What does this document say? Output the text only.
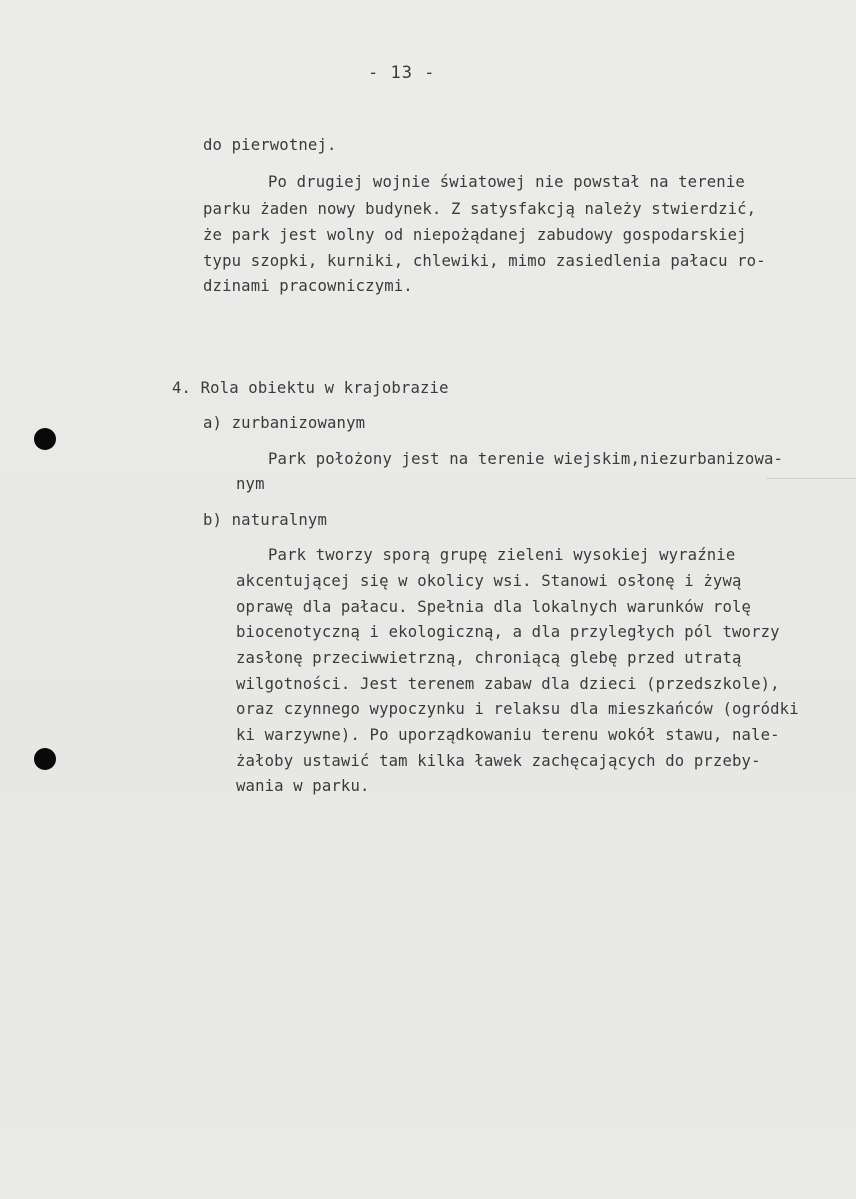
- 13 -
do pierwotnej.
Po drugiej wojnie światowej nie powstał na terenie
parku żaden nowy budynek. Z satysfakcją należy stwierdzić,
że park jest wolny od niepożądanej zabudowy gospodarskiej
typu szopki, kurniki, chlewiki, mimo zasiedlenia pałacu ro-
dzinami pracowniczymi.
4. Rola obiektu w krajobrazie
a) zurbanizowanym
Park położony jest na terenie wiejskim,niezurbanizowa-
nym
b) naturalnym
Park tworzy sporą grupę zieleni wysokiej wyraźnie
akcentującej się w okolicy wsi. Stanowi osłonę i żywą
oprawę dla pałacu. Spełnia dla lokalnych warunków rolę
biocenotyczną i ekologiczną, a dla przyległych pól tworzy
zasłonę przeciwwietrzną, chroniącą glebę przed utratą
wilgotności. Jest terenem zabaw dla dzieci (przedszkole),
oraz czynnego wypoczynku i relaksu dla mieszkańców (ogródki
ki warzywne). Po uporządkowaniu terenu wokół stawu, nale-
żałoby ustawić tam kilka ławek zachęcających do przeby-
wania w parku.
